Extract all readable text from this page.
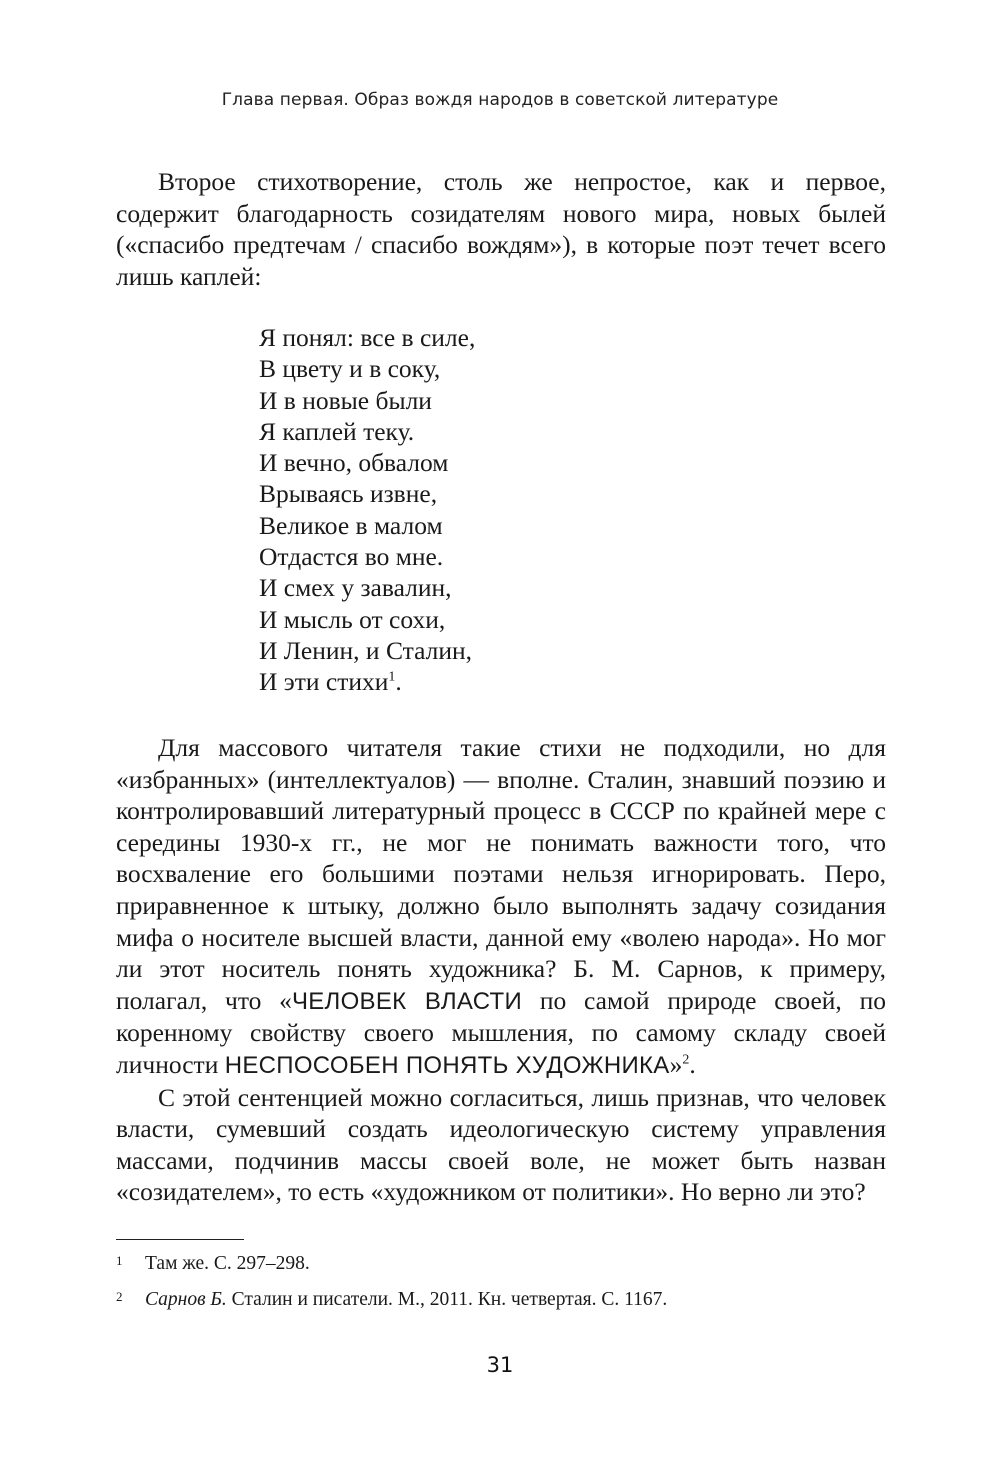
Глава первая. Образ вождя народов в советской литературе

Второе стихотворение, столь же непростое, как и первое, содержит благодарность созидателям нового мира, новых былей («спасибо предтечам / спасибо вождям»), в которые поэт течет всего лишь каплей:

Я понял: все в силе,
В цвету и в соку,
И в новые были
Я каплей теку.
И вечно, обвалом
Врываясь извне,
Великое в малом
Отдастся во мне.
И смех у завалин,
И мысль от сохи,
И Ленин, и Сталин,
И эти стихи$^1$.

Для массового читателя такие стихи не подходили, но для «избранных» (интеллектуалов) — вполне. Сталин, знавший поэзию и контролировавший литературный процесс в СССР по крайней мере с середины 1930-х гг., не мог не понимать важности того, что восхваление его большими поэтами нельзя игнорировать. Перо, приравненное к штыку, должно было выполнять задачу созидания мифа о носителе высшей власти, данной ему «волею народа». Но мог ли этот носитель понять художника? Б. М. Сарнов, к примеру, полагал, что «ЧЕЛОВЕК ВЛАСТИ по самой природе своей, по коренному свойству своего мышления, по самому складу своей личности НЕСПОСОБЕН ПОНЯТЬ ХУДОЖНИКА»$^2$.

С этой сентенцией можно согласиться, лишь признав, что человек власти, сумевший создать идеологическую систему управления массами, подчинив массы своей воле, не может быть назван «созидателем», то есть «художником от политики». Но верно ли это?

1 Там же. С. 297–298.
2 Сарнов Б. Сталин и писатели. М., 2011. Кн. четвертая. С. 1167.
31
